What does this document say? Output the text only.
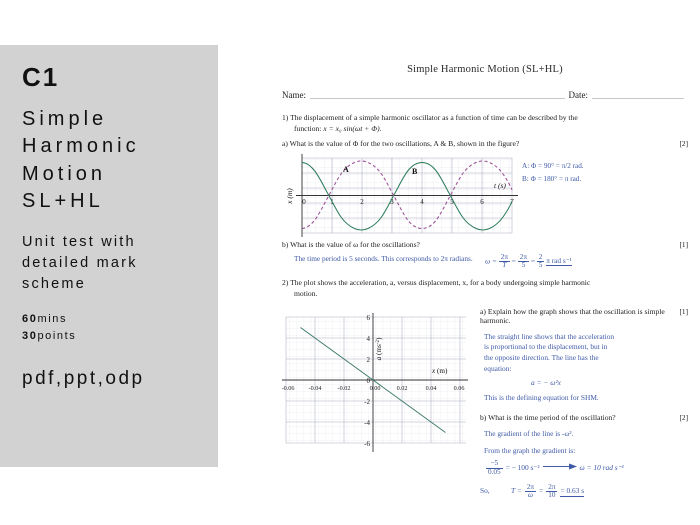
C1
Simple
Harmonic
Motion
SL+HL
Unit test with
detailed mark
scheme
60mins
30points
pdf,ppt,odp
Simple Harmonic Motion (SL+HL)
Name:	Date:
1) The displacement of a simple harmonic oscillator as a function of time can be described by the
function: x = x₀ sin(ωt + Φ).
a) What is the value of Φ for the two oscillations, A & B, shown in the figure?	[2]
0	1	2	3	4	5	6	7
t (s)
x (m)
A	B
A: Φ = 90° = π/2 rad.
B: Φ = 180° = π rad.
b) What is the value of ω for the oscillations?	[1]
The time period is 5 seconds. This corresponds to 2π radians.	$\omega = \frac{2\pi}{T} = \frac{2\pi}{5} = \frac{2}{5}$ π rad s⁻¹
2) The plot shows the acceleration, a, versus displacement, x, for a body undergoing simple harmonic
motion.
6
4
2
0
-2
-4
-6
-0.06 -0.04	-0.02	0.00	0.02	0.04	0.06
x (m)
a $(ms^{-2})$
a) Explain how the graph shows that the oscillation is simple harmonic.
[1]
The straight line shows that the acceleration is proportional to the displacement, but in the opposite direction. The line has the equation:
a = − ω²x
This is the defining equation for SHM.
b) What is the time period of the oscillation?	[2]
The gradient of the line is -ω².
From the graph the gradient is:
$\frac{-5}{0.05}$ = − 100 s⁻²	ω = 10 rad s⁻¹
So,	$T = \frac{2\pi}{\omega} = \frac{2\pi}{10} = 0.63$ s
